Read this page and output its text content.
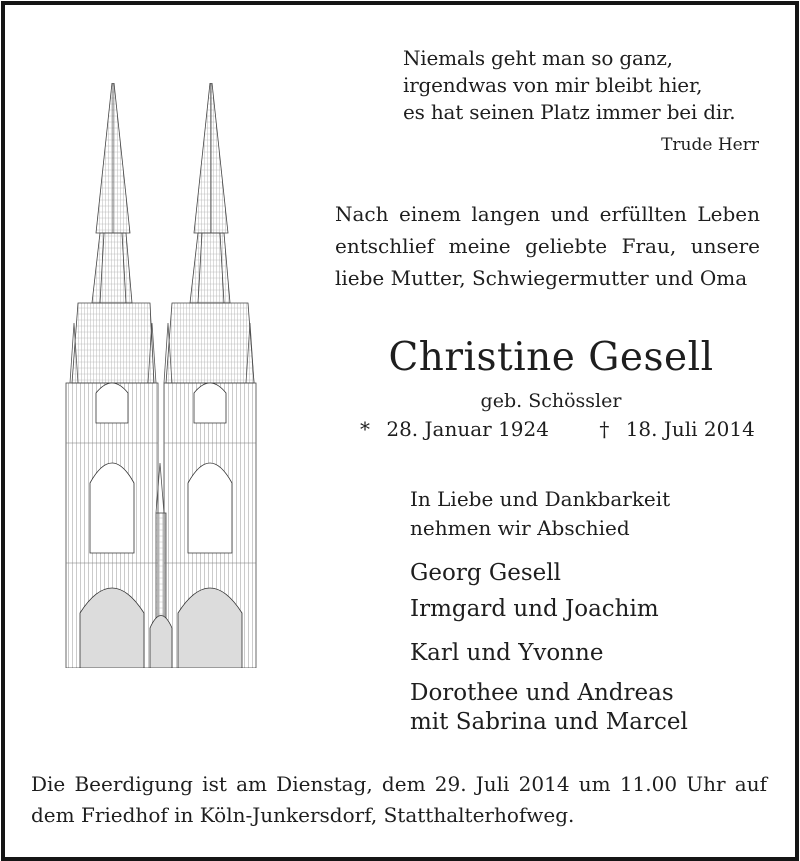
Niemals geht man so ganz,
irgendwas von mir bleibt hier,
es hat seinen Platz immer bei dir.
Trude Herr
Nach einem langen und erfüllten Leben
entschlief meine geliebte Frau, unsere
liebe Mutter, Schwiegermutter und Oma
Christine Gesell
geb. Schössler
* 28. Januar 1924	† 18. Juli 2014
In Liebe und Dankbarkeit
nehmen wir Abschied
Georg Gesell
Irmgard und Joachim
Karl und Yvonne
Dorothee und Andreas
mit Sabrina und Marcel
Die Beerdigung ist am Dienstag, dem 29. Juli 2014 um 11.00 Uhr auf
dem Friedhof in Köln-Junkersdorf, Statthalterhofweg.
